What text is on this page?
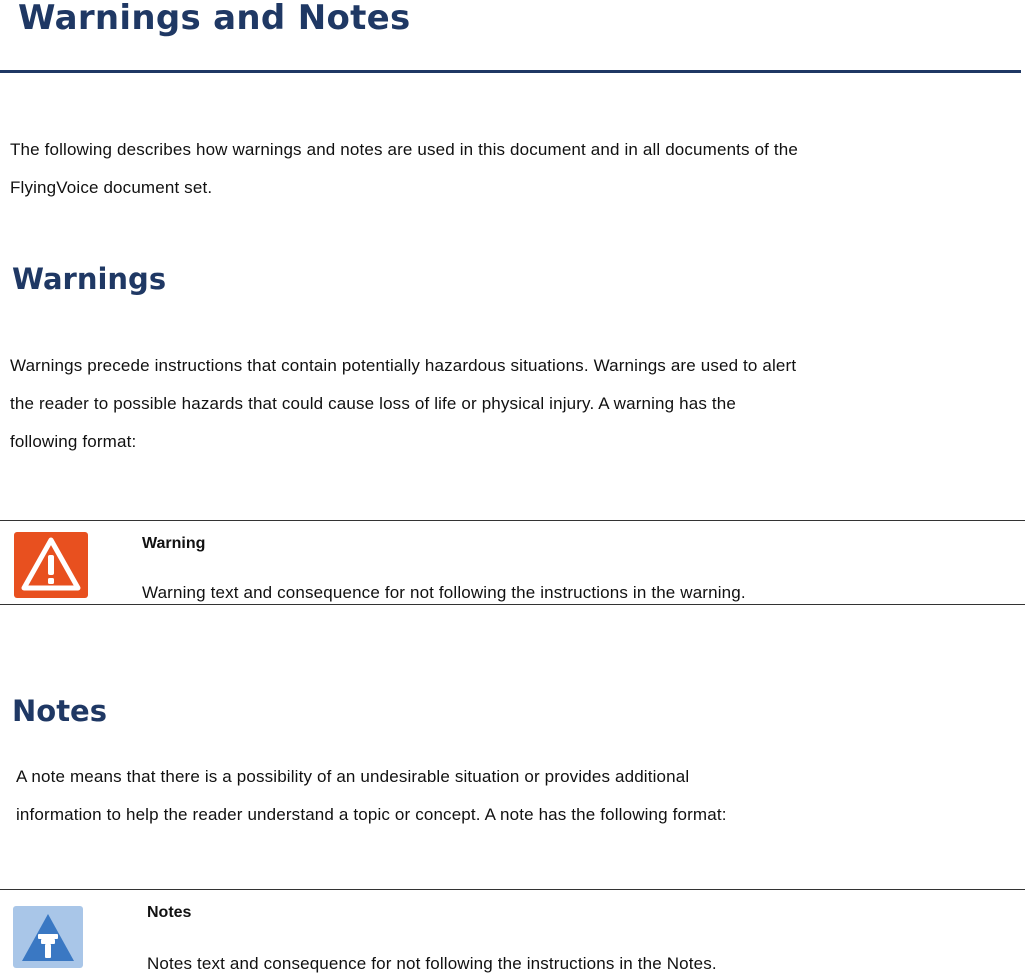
Warnings and Notes

The following describes how warnings and notes are used in this document and in all documents of the
FlyingVoice document set.

Warnings

Warnings precede instructions that contain potentially hazardous situations. Warnings are used to alert
the reader to possible hazards that could cause loss of life or physical injury. A warning has the
following format:

Warning
Warning text and consequence for not following the instructions in the warning.
Notes

A note means that there is a possibility of an undesirable situation or provides additional
information to help the reader understand a topic or concept. A note has the following format:

Notes
Notes text and consequence for not following the instructions in the Notes.
